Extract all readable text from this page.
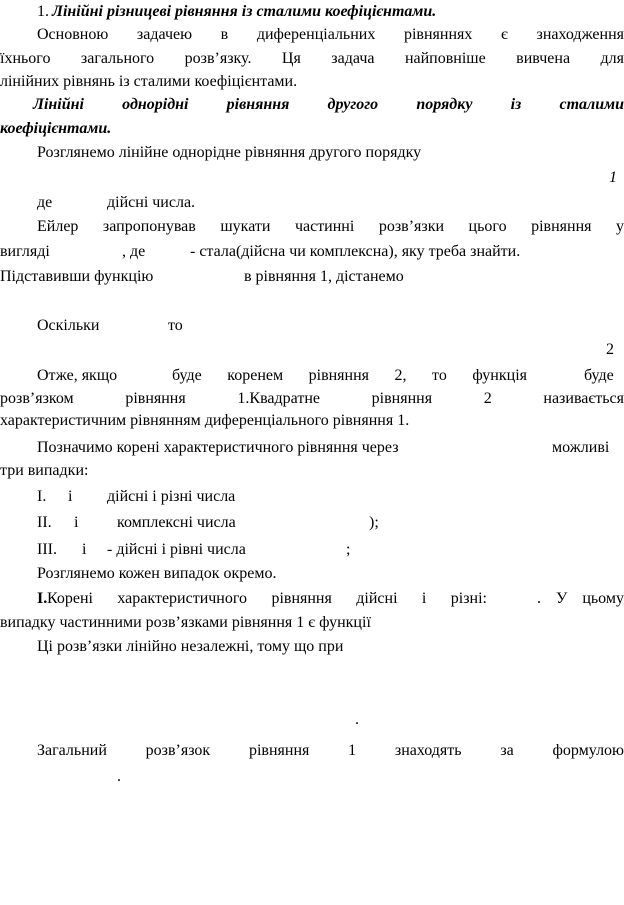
1. Лінійні різницеві рівняння із сталими коефіцієнтами.
Основною задачею в диференціальних рівняннях є знаходження
їхнього загального розв’язку. Ця задача найповніше вивчена для
лінійних рівнянь із сталими коефіцієнтами.
Лінійні однорідні рівняння другого порядку із сталими
коефіцієнтами.
Розглянемо лінійне однорідне рівняння другого порядку
1
де	дійсні числа.
Ейлер запропонував шукати частинні розв’язки цього рівняння у
вигляді	, де	- стала(дійсна чи комплексна), яку треба знайти.
Підставивши функцію	в рівняння 1, дістанемо
Оскільки	то
2
Отже, якщо	буде коренем рівняння 2, то функція	буде
розв’язком рівняння 1.Квадратне рівняння 2 називається
характеристичним рівнянням диференціального рівняння 1.
Позначимо корені характеристичного рівняння через	можливі
три випадки:
I. і дійсні і різні числа
II. і комплексні числа	);
III. і - дійсні і рівні числа	;
Розглянемо кожен випадок окремо.
I. Корені характеристичного рівняння дійсні і різні:	. У цьому
випадку частинними розв’язками рівняння 1 є функції
Ці розв’язки лінійно незалежні, тому що при
.
Загальний розв’язок рівняння 1 знаходять за формулою
.
